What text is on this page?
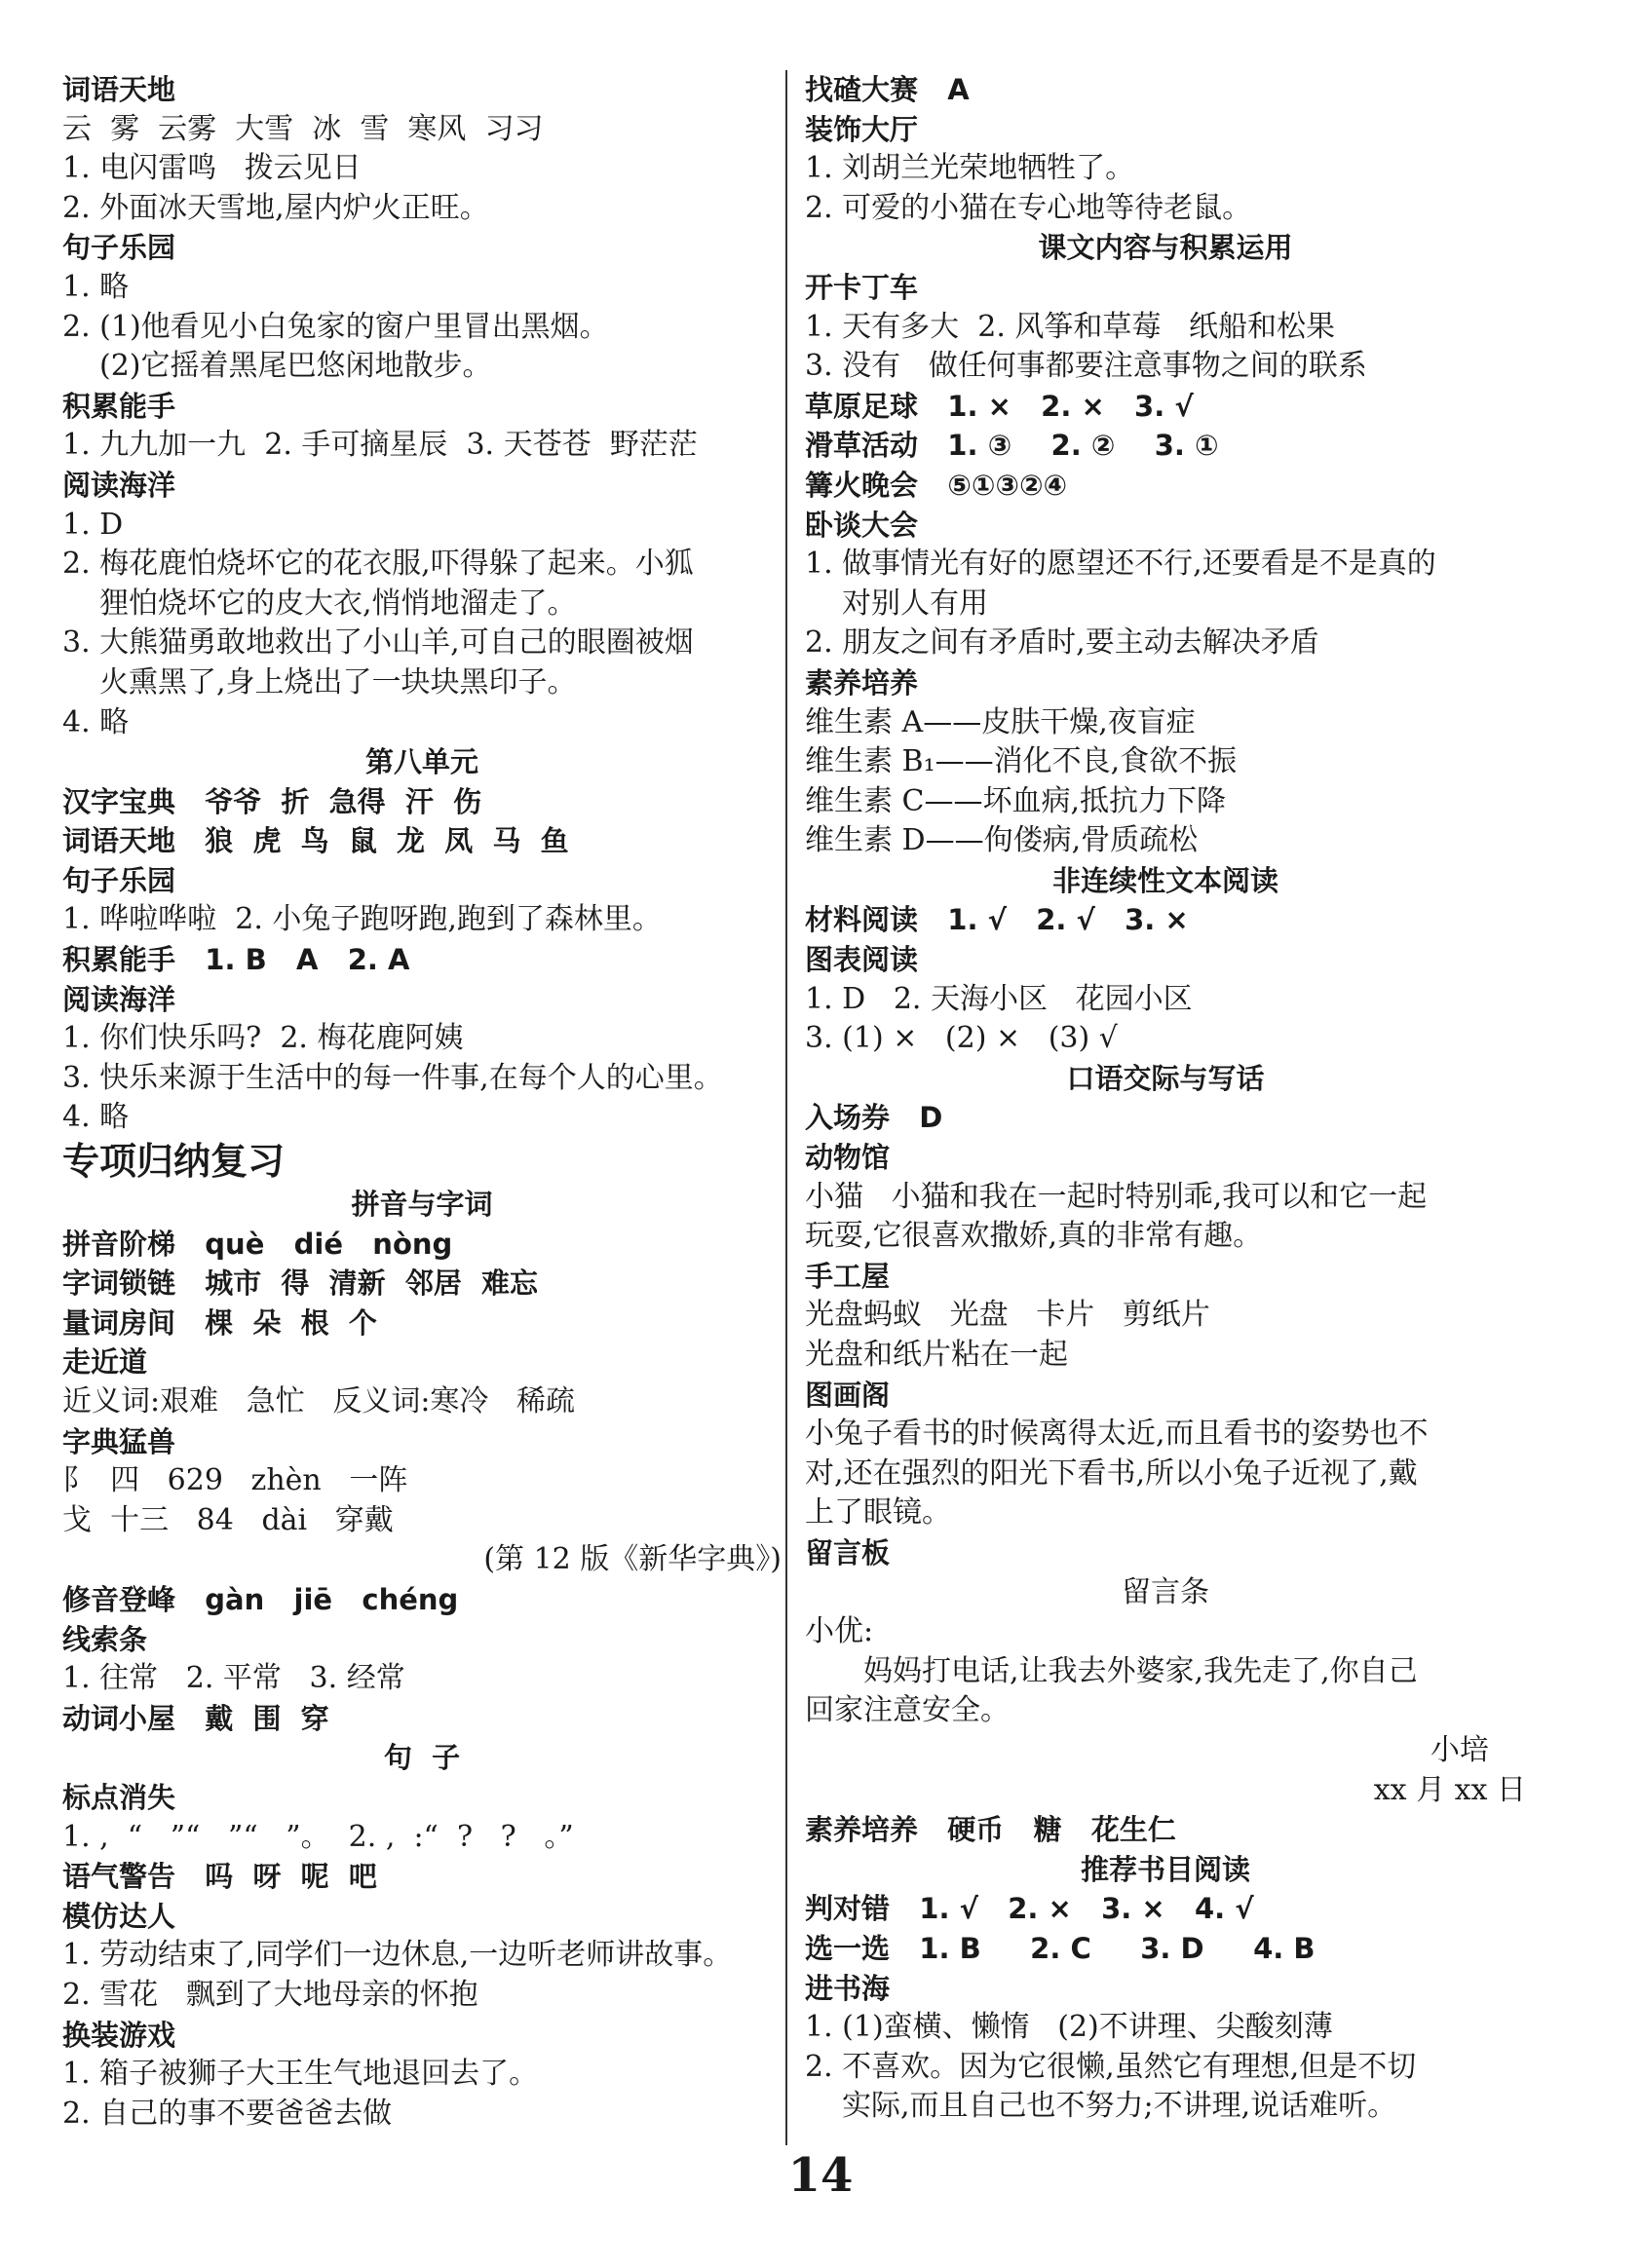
词语天地
云  雾  云雾  大雪  冰  雪  寒风  习习
1. 电闪雷鸣   拨云见日
2. 外面冰天雪地,屋内炉火正旺。
句子乐园
1. 略
2. (1)他看见小白兔家的窗户里冒出黑烟。
(2)它摇着黑尾巴悠闲地散步。
积累能手
1. 九九加一九  2. 手可摘星辰  3. 天苍苍  野茫茫
阅读海洋
1. D
2. 梅花鹿怕烧坏它的花衣服,吓得躲了起来。小狐
狸怕烧坏它的皮大衣,悄悄地溜走了。
3. 大熊猫勇敢地救出了小山羊,可自己的眼圈被烟
火熏黑了,身上烧出了一块块黑印子。
4. 略
第八单元
汉字宝典   爷爷  折  急得  汗  伤
词语天地   狼  虎  鸟  鼠  龙  凤  马  鱼
句子乐园
1. 哗啦哗啦  2. 小兔子跑呀跑,跑到了森林里。
积累能手   1. B   A   2. A
阅读海洋
1. 你们快乐吗?  2. 梅花鹿阿姨
3. 快乐来源于生活中的每一件事,在每个人的心里。
4. 略
专项归纳复习
拼音与字词
拼音阶梯   què   dié   nòng
字词锁链   城市  得  清新  邻居  难忘
量词房间   棵  朵  根  个
走近道
近义词:艰难   急忙   反义词:寒冷   稀疏
字典猛兽
阝  四   629   zhèn   一阵
戈  十三   84   dài   穿戴
(第 12 版《新华字典》)
修音登峰   gàn   jiē   chéng
线索条
1. 往常   2. 平常   3. 经常
动词小屋   戴  围  穿
句  子
标点消失
1. ,  “   ”“   ”“   ”。  2. ,  :“  ?   ?   。”
语气警告   吗  呀  呢  吧
模仿达人
1. 劳动结束了,同学们一边休息,一边听老师讲故事。
2. 雪花   飘到了大地母亲的怀抱
换装游戏
1. 箱子被狮子大王生气地退回去了。
2. 自己的事不要爸爸去做
找碴大赛   A
装饰大厅
1. 刘胡兰光荣地牺牲了。
2. 可爱的小猫在专心地等待老鼠。
课文内容与积累运用
开卡丁车
1. 天有多大  2. 风筝和草莓   纸船和松果
3. 没有   做任何事都要注意事物之间的联系
草原足球   1. ×   2. ×   3. √
滑草活动   1. ③    2. ②    3. ①
篝火晚会   ⑤①③②④
卧谈大会
1. 做事情光有好的愿望还不行,还要看是不是真的
对别人有用
2. 朋友之间有矛盾时,要主动去解决矛盾
素养培养
维生素 A——皮肤干燥,夜盲症
维生素 B₁——消化不良,食欲不振
维生素 C——坏血病,抵抗力下降
维生素 D——佝偻病,骨质疏松
非连续性文本阅读
材料阅读   1. √   2. √   3. ×
图表阅读
1. D   2. 天海小区   花园小区
3. (1) ×   (2) ×   (3) √
口语交际与写话
入场券   D
动物馆
小猫   小猫和我在一起时特别乖,我可以和它一起
玩耍,它很喜欢撒娇,真的非常有趣。
手工屋
光盘蚂蚁   光盘   卡片   剪纸片
光盘和纸片粘在一起
图画阁
小兔子看书的时候离得太近,而且看书的姿势也不
对,还在强烈的阳光下看书,所以小兔子近视了,戴
上了眼镜。
留言板
留言条
小优:
妈妈打电话,让我去外婆家,我先走了,你自己
回家注意安全。
小培
xx 月 xx 日
素养培养   硬币   糖   花生仁
推荐书目阅读
判对错   1. √   2. ×   3. ×   4. √
选一选   1. B     2. C     3. D     4. B
进书海
1. (1)蛮横、懒惰   (2)不讲理、尖酸刻薄
2. 不喜欢。因为它很懒,虽然它有理想,但是不切
实际,而且自己也不努力;不讲理,说话难听。
14
